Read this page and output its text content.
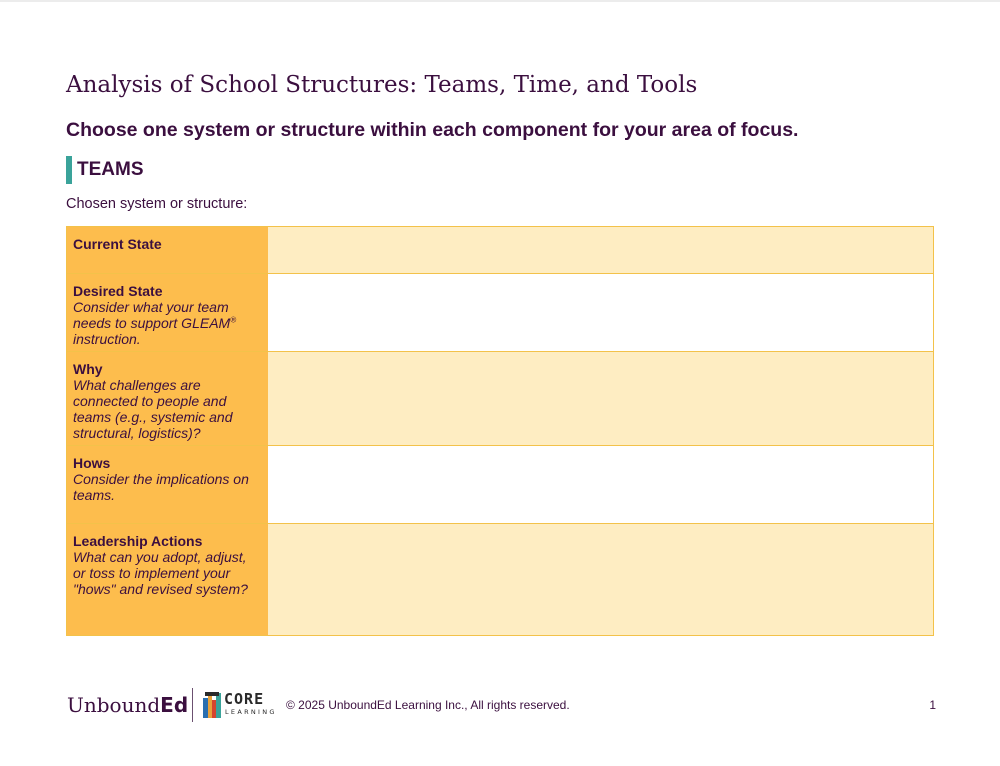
Analysis of School Structures: Teams, Time, and Tools
Choose one system or structure within each component for your area of focus.
TEAMS
Chosen system or structure:
Current State
Desired State
Consider what your team needs to support GLEAM® instruction.
Why
What challenges are connected to people and teams (e.g., systemic and structural, logistics)?
Hows
Consider the implications on teams.
Leadership Actions
What can you adopt, adjust, or toss to implement your "hows" and revised system?
UnboundEd CORE
LEARNING © 2025 UnboundEd Learning Inc., All rights reserved.	1
